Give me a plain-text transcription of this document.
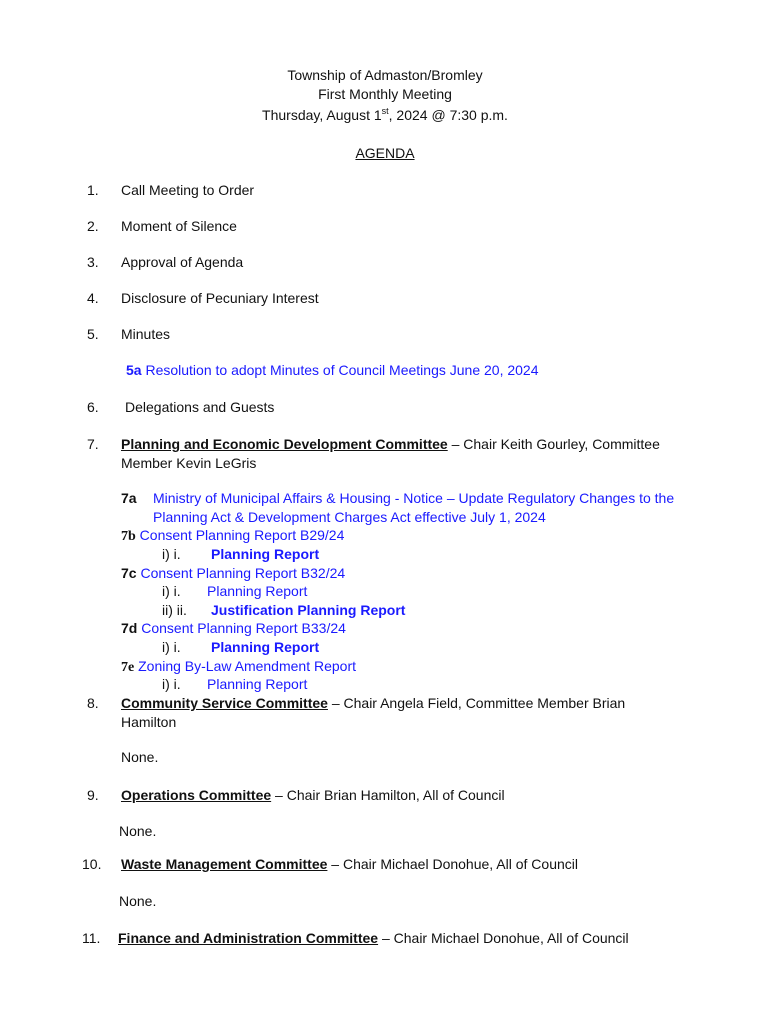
Township of Admaston/Bromley
First Monthly Meeting
Thursday, August 1st, 2024 @ 7:30 p.m.
AGENDA
1.	Call Meeting to Order
2.	Moment of Silence
3.	Approval of Agenda
4.	Disclosure of Pecuniary Interest
5.	Minutes
5a Resolution to adopt Minutes of Council Meetings June 20, 2024
6.	Delegations and Guests
7.	Planning and Economic Development Committee – Chair Keith Gourley, Committee
Member Kevin LeGris
7a Ministry of Municipal Affairs & Housing - Notice – Update Regulatory Changes to the
Planning Act & Development Charges Act effective July 1, 2024
7b Consent Planning Report B29/24
i) i. Planning Report
7c Consent Planning Report B32/24
i) i. Planning Report
ii) ii. Justification Planning Report
7d Consent Planning Report B33/24
i) i. Planning Report
7e Zoning By-Law Amendment Report
i) i. Planning Report
8.	Community Service Committee – Chair Angela Field, Committee Member Brian
Hamilton
None.
9.	Operations Committee – Chair Brian Hamilton, All of Council
None.
10.	Waste Management Committee – Chair Michael Donohue, All of Council
None.
11.	Finance and Administration Committee – Chair Michael Donohue, All of Council
